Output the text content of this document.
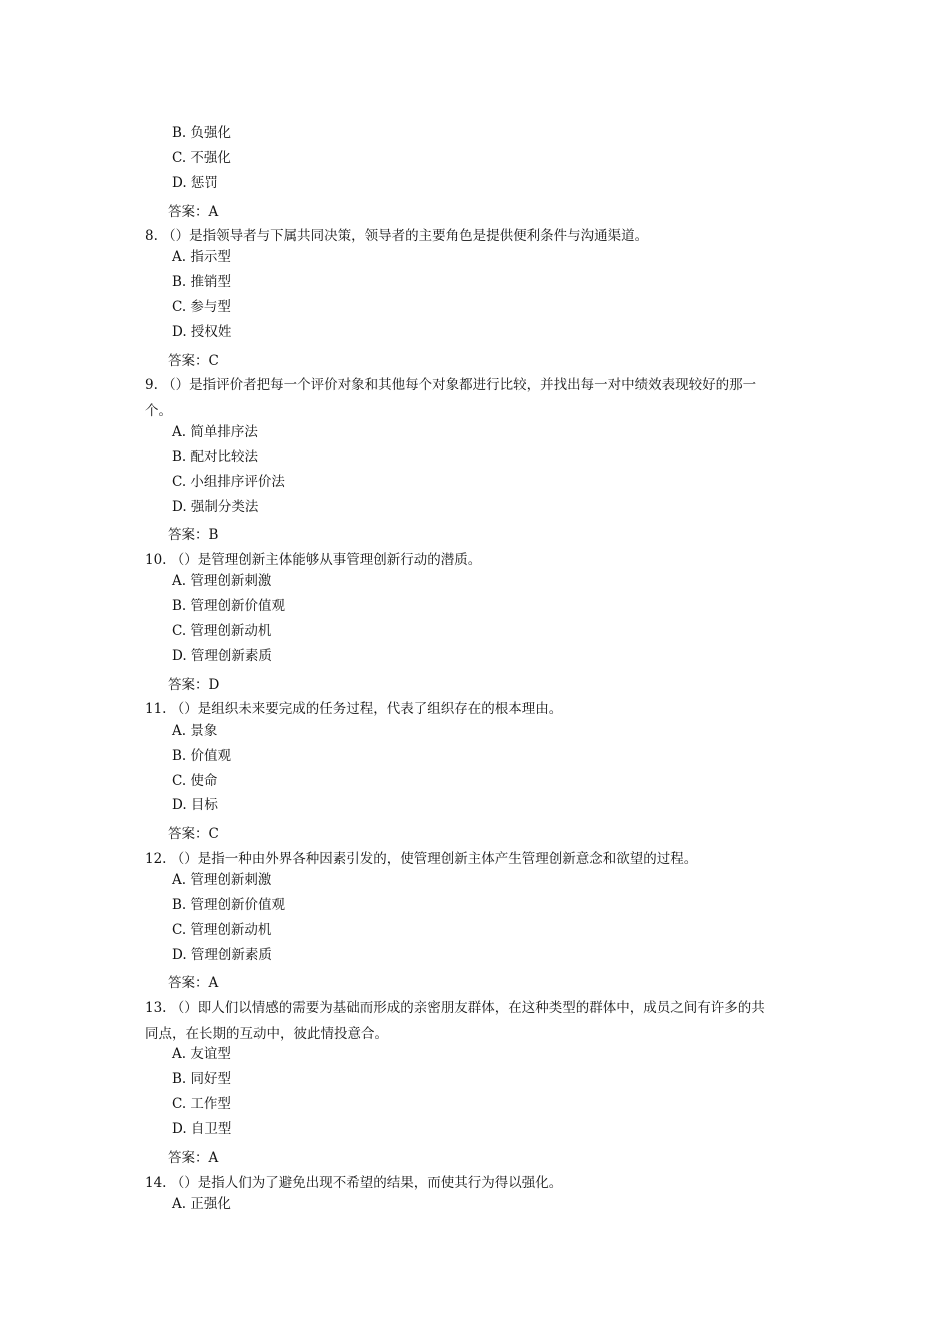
B. 负强化
C. 不强化
D. 惩罚
答案：A
8. （）是指领导者与下属共同决策，领导者的主要角色是提供便利条件与沟通渠道。
A. 指示型
B. 推销型
C. 参与型
D. 授权姓
答案：C
9. （）是指评价者把每一个评价对象和其他每个对象都进行比较，并找出每一对中绩效表现较好的那一
个。
A. 简单排序法
B. 配对比较法
C. 小组排序评价法
D. 强制分类法
答案：B
10. （）是管理创新主体能够从事管理创新行动的潜质。
A. 管理创新刺激
B. 管理创新价值观
C. 管理创新动机
D. 管理创新素质
答案：D
11. （）是组织未来要完成的任务过程，代表了组织存在的根本理由。
A. 景象
B. 价值观
C. 使命
D. 目标
答案：C
12. （）是指一种由外界各种因素引发的，使管理创新主体产生管理创新意念和欲望的过程。
A. 管理创新刺激
B. 管理创新价值观
C. 管理创新动机
D. 管理创新素质
答案：A
13. （）即人们以情感的需要为基础而形成的亲密朋友群体，在这种类型的群体中，成员之间有许多的共
同点，在长期的互动中，彼此情投意合。
A. 友谊型
B. 同好型
C. 工作型
D. 自卫型
答案：A
14. （）是指人们为了避免出现不希望的结果，而使其行为得以强化。
A. 正强化
